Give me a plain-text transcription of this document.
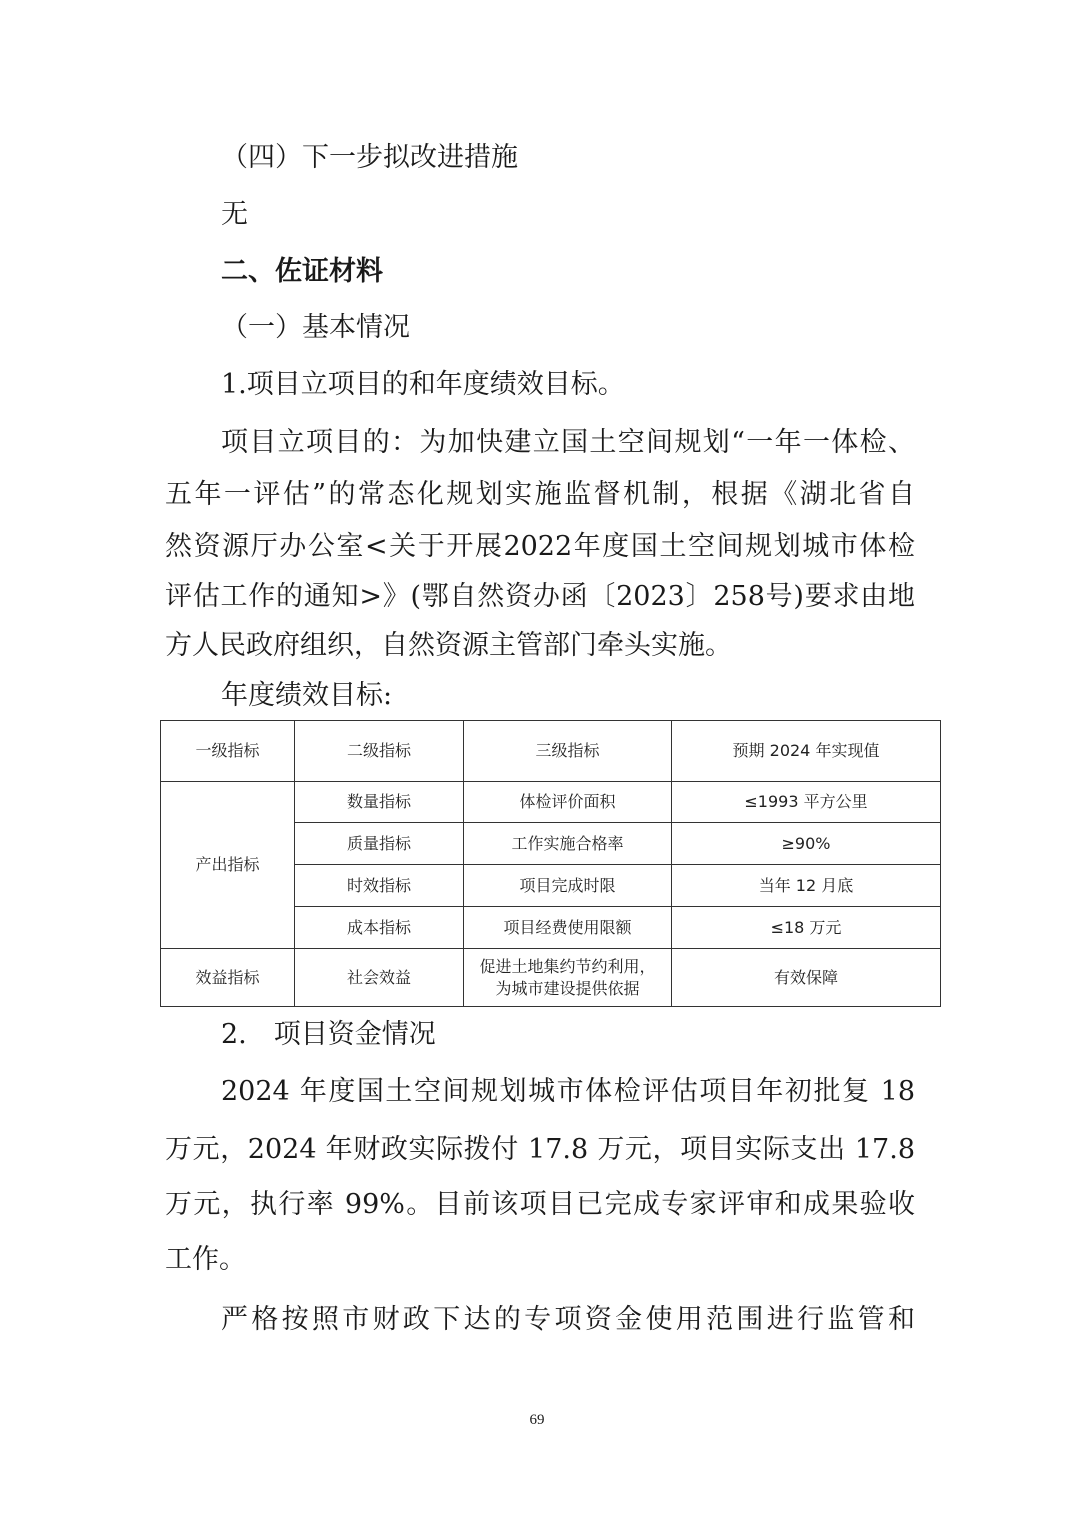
（四）下一步拟改进措施
无
二、佐证材料
（一）基本情况
1.项目立项目的和年度绩效目标。
项目立项目的：为加快建立国土空间规划“一年一体检、
五年一评估”的常态化规划实施监督机制，根据《湖北省自
然资源厅办公室<关于开展2022年度国土空间规划城市体检
评估工作的通知>》(鄂自然资办函〔2023〕258号)要求由地
方人民政府组织，自然资源主管部门牵头实施。
年度绩效目标:
一级指标	二级指标	三级指标	预期 2024 年实现值
产出指标	数量指标	体检评价面积	≤1993 平方公里
	质量指标	工作实施合格率	≥90%
	时效指标	项目完成时限	当年 12 月底
	成本指标	项目经费使用限额	≤18 万元
效益指标	社会效益	促进土地集约节约利用，
为城市建设提供依据	有效保障
2.　项目资金情况
2024 年度国土空间规划城市体检评估项目年初批复 18
万元，2024 年财政实际拨付 17.8 万元，项目实际支出 17.8
万元，执行率 99%。目前该项目已完成专家评审和成果验收
工作。
严格按照市财政下达的专项资金使用范围进行监管和
69
